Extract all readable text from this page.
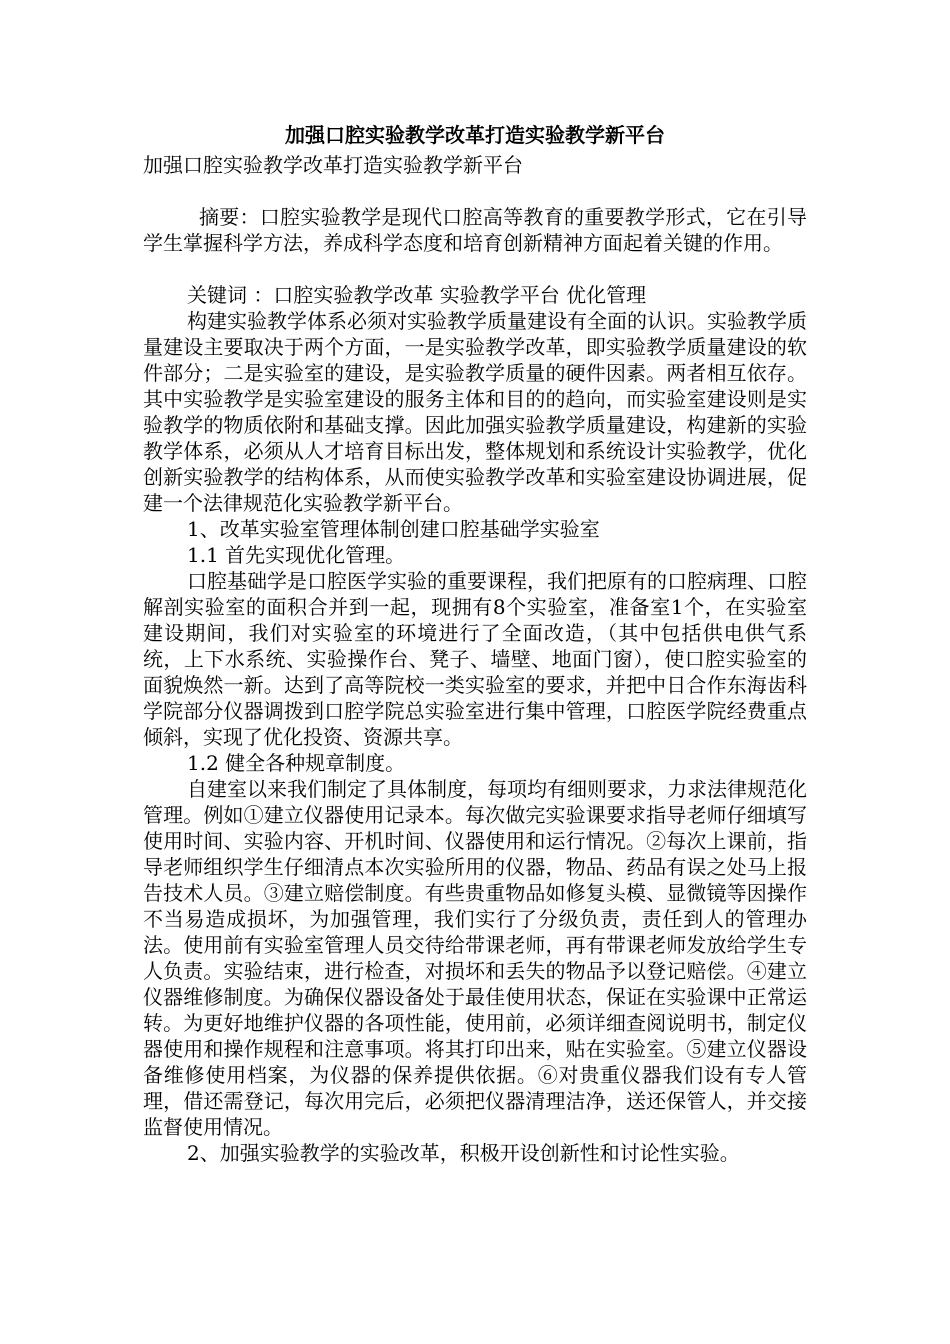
加强口腔实验教学改革打造实验教学新平台
加强口腔实验教学改革打造实验教学新平台

摘要：口腔实验教学是现代口腔高等教育的重要教学形式，它在引导学生掌握科学方法，养成科学态度和培育创新精神方面起着关键的作用。

关键词 ：口腔实验教学改革 实验教学平台 优化管理

构建实验教学体系必须对实验教学质量建设有全面的认识。实验教学质量建设主要取决于两个方面，一是实验教学改革，即实验教学质量建设的软件部分；二是实验室的建设，是实验教学质量的硬件因素。两者相互依存。其中实验教学是实验室建设的服务主体和目的的趋向，而实验室建设则是实验教学的物质依附和基础支撑。因此加强实验教学质量建设，构建新的实验教学体系，必须从人才培育目标出发，整体规划和系统设计实验教学，优化创新实验教学的结构体系，从而使实验教学改革和实验室建设协调进展，促建一个法律规范化实验教学新平台。

1、改革实验室管理体制创建口腔基础学实验室

1.1 首先实现优化管理。

口腔基础学是口腔医学实验的重要课程，我们把原有的口腔病理、口腔解剖实验室的面积合并到一起，现拥有8个实验室，准备室1个，在实验室建设期间，我们对实验室的环境进行了全面改造，（其中包括供电供气系统，上下水系统、实验操作台、凳子、墙壁、地面门窗），使口腔实验室的面貌焕然一新。达到了高等院校一类实验室的要求，并把中日合作东海齿科学院部分仪器调拨到口腔学院总实验室进行集中管理，口腔医学院经费重点倾斜，实现了优化投资、资源共享。

1.2 健全各种规章制度。

自建室以来我们制定了具体制度，每项均有细则要求，力求法律规范化管理。例如①建立仪器使用记录本。每次做完实验课要求指导老师仔细填写使用时间、实验内容、开机时间、仪器使用和运行情况。②每次上课前，指导老师组织学生仔细清点本次实验所用的仪器，物品、药品有误之处马上报告技术人员。③建立赔偿制度。有些贵重物品如修复头模、显微镜等因操作不当易造成损坏，为加强管理，我们实行了分级负责，责任到人的管理办法。使用前有实验室管理人员交待给带课老师，再有带课老师发放给学生专人负责。实验结束，进行检查，对损坏和丢失的物品予以登记赔偿。④建立仪器维修制度。为确保仪器设备处于最佳使用状态，保证在实验课中正常运转。为更好地维护仪器的各项性能，使用前，必须详细查阅说明书，制定仪器使用和操作规程和注意事项。将其打印出来，贴在实验室。⑤建立仪器设备维修使用档案，为仪器的保养提供依据。⑥对贵重仪器我们设有专人管理，借还需登记，每次用完后，必须把仪器清理洁净，送还保管人，并交接监督使用情况。

2、加强实验教学的实验改革，积极开设创新性和讨论性实验。
